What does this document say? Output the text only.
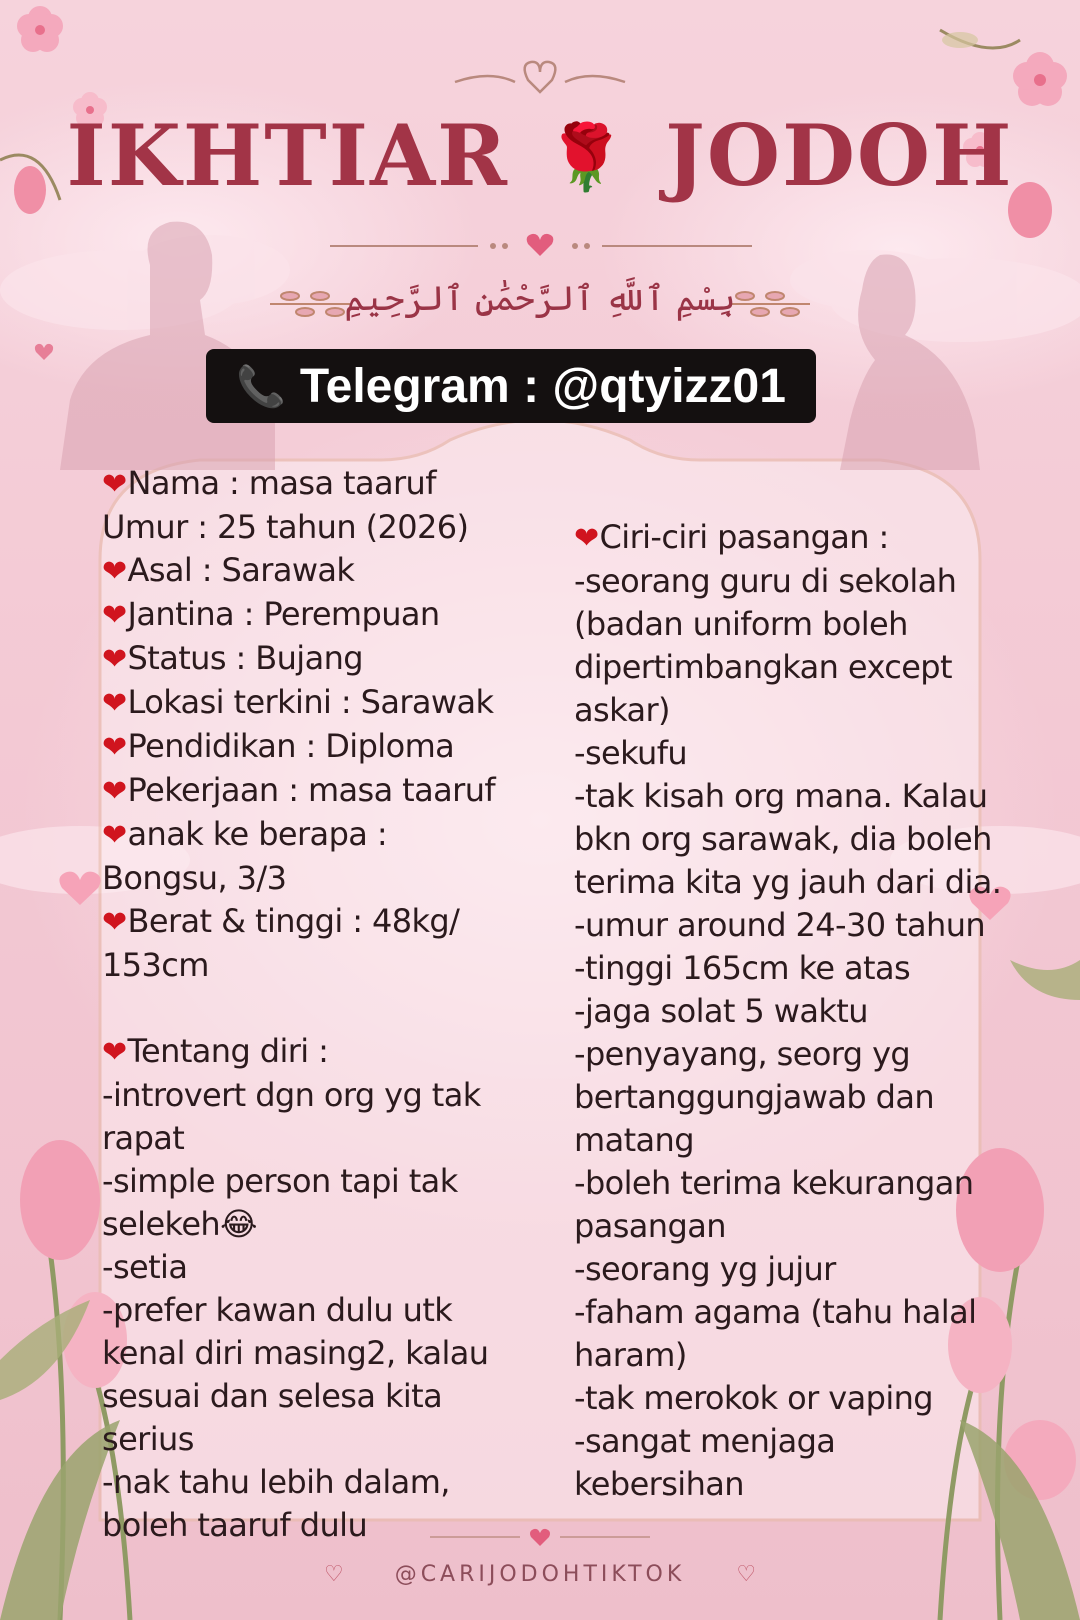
IKHTIAR 🌹 JODOH
بِسْمِ ٱللَّهِ ٱلرَّحْمَٰنِ ٱلرَّحِيمِ
📞 Telegram : @qtyizz01
❤Nama : masa taaruf
Umur : 25 tahun (2026)
❤Asal : Sarawak
❤Jantina : Perempuan
❤Status : Bujang
❤Lokasi terkini : Sarawak
❤Pendidikan : Diploma
❤Pekerjaan : masa taaruf
❤anak ke berapa :
Bongsu, 3/3
❤Berat & tinggi : 48kg/
153cm
❤Tentang diri :
-introvert dgn org yg tak
rapat
-simple person tapi tak
selekeh😂
-setia
-prefer kawan dulu utk
kenal diri masing2, kalau
sesuai dan selesa kita
serius
-nak tahu lebih dalam,
boleh taaruf dulu
❤Ciri-ciri pasangan :
-seorang guru di sekolah
(badan uniform boleh
dipertimbangkan except
askar)
-sekufu
-tak kisah org mana. Kalau
bkn org sarawak, dia boleh
terima kita yg jauh dari dia.
-umur around 24-30 tahun
-tinggi 165cm ke atas
-jaga solat 5 waktu
-penyayang, seorg yg
bertanggungjawab dan
matang
-boleh terima kekurangan
pasangan
-seorang yg jujur
-faham agama (tahu halal
haram)
-tak merokok or vaping
-sangat menjaga
kebersihan
♡ @CARIJODOHTIKTOK ♡
